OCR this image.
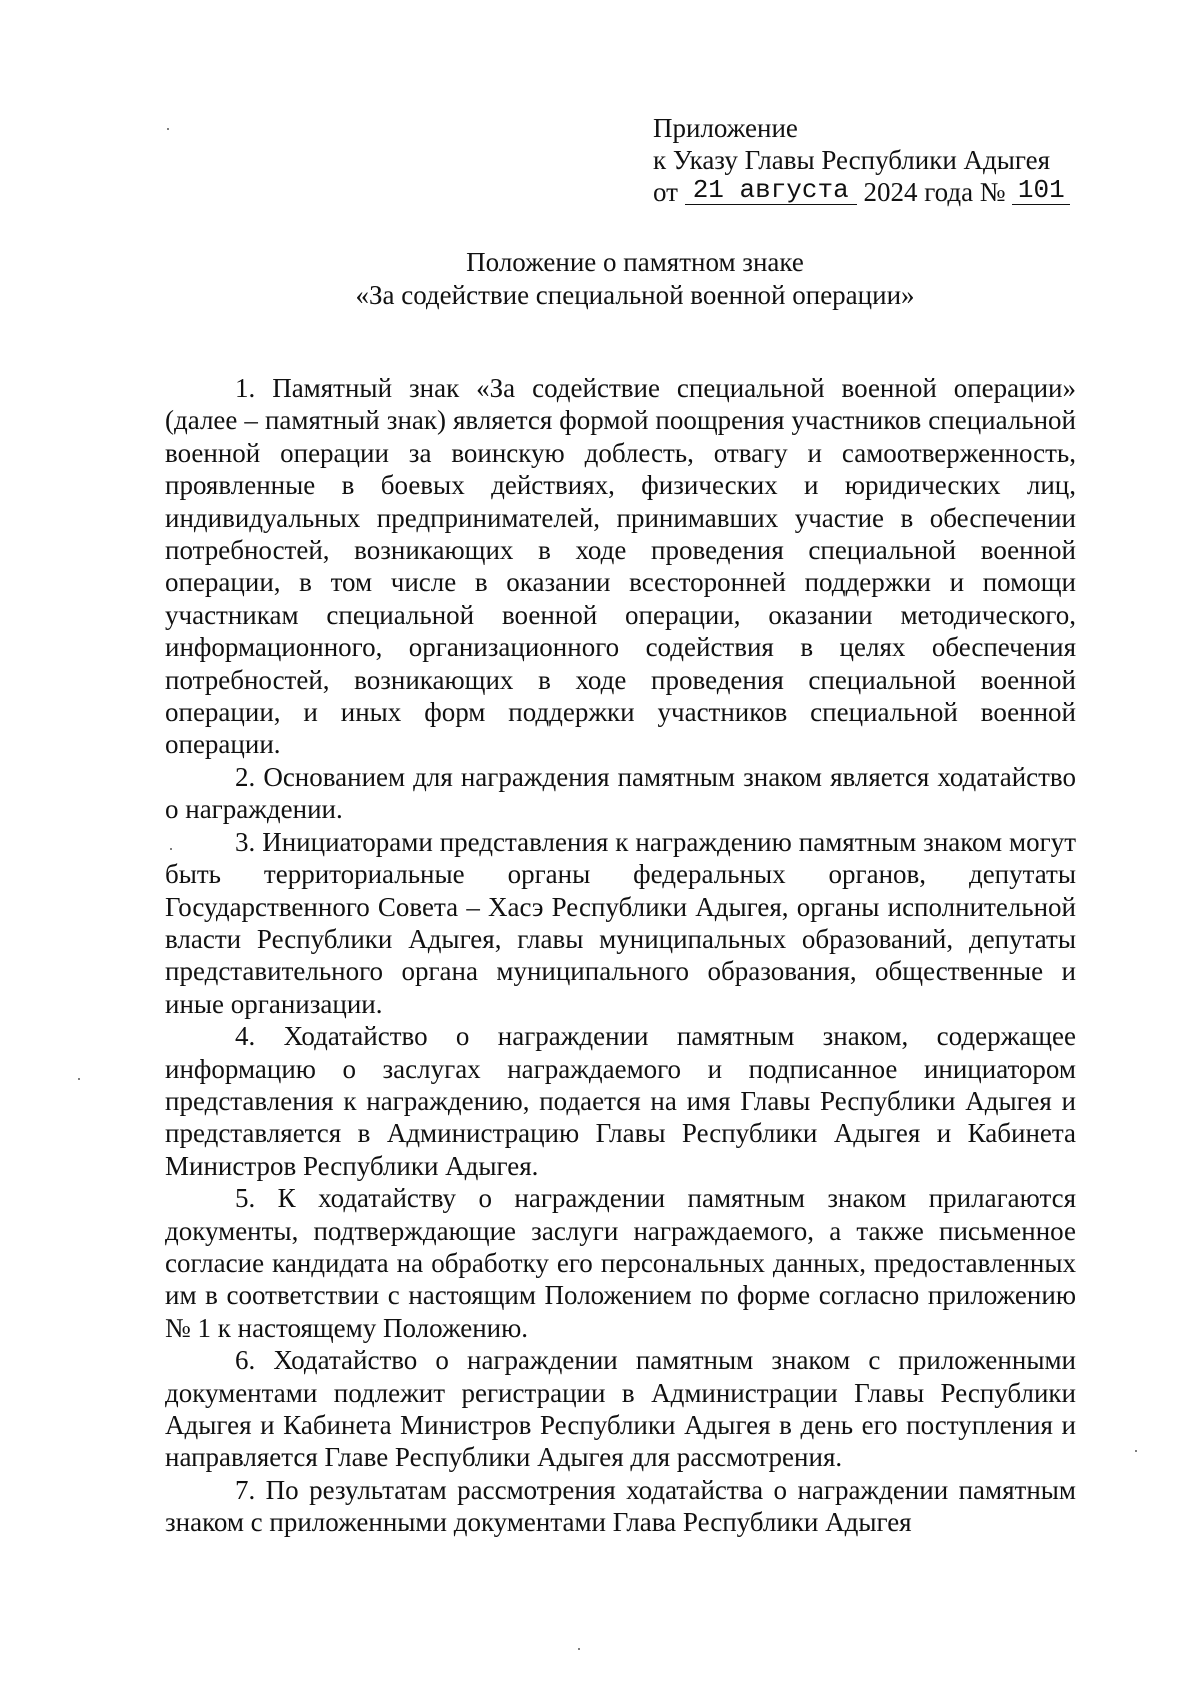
Приложение
к Указу Главы Республики Адыгея
от 21 августа 2024 года № 101
Положение о памятном знаке
«За содействие специальной военной операции»

1. Памятный знак «За содействие специальной военной операции» (далее – памятный знак) является формой поощрения участников специальной военной операции за воинскую доблесть, отвагу и самоотверженность, проявленные в боевых действиях, физических и юридических лиц, индивидуальных предпринимателей, принимавших участие в обеспечении потребностей, возникающих в ходе проведения специальной военной операции, в том числе в оказании всесторонней поддержки и помощи участникам специальной военной операции, оказании методического, информационного, организационного содействия в целях обеспечения потребностей, возникающих в ходе проведения специальной военной операции, и иных форм поддержки участников специальной военной операции.

2. Основанием для награждения памятным знаком является ходатайство о награждении.

3. Инициаторами представления к награждению памятным знаком могут быть территориальные органы федеральных органов, депутаты Государственного Совета – Хасэ Республики Адыгея, органы исполнительной власти Республики Адыгея, главы муниципальных образований, депутаты представительного органа муниципального образования, общественные и иные организации.

4. Ходатайство о награждении памятным знаком, содержащее информацию о заслугах награждаемого и подписанное инициатором представления к награждению, подается на имя Главы Республики Адыгея и представляется в Администрацию Главы Республики Адыгея и Кабинета Министров Республики Адыгея.

5. К ходатайству о награждении памятным знаком прилагаются документы, подтверждающие заслуги награждаемого, а также письменное согласие кандидата на обработку его персональных данных, предоставленных им в соответствии с настоящим Положением по форме согласно приложению № 1 к настоящему Положению.

6. Ходатайство о награждении памятным знаком с приложенными документами подлежит регистрации в Администрации Главы Республики Адыгея и Кабинета Министров Республики Адыгея в день его поступления и направляется Главе Республики Адыгея для рассмотрения.

7. По результатам рассмотрения ходатайства о награждении памятным знаком с приложенными документами Глава Республики Адыгея
